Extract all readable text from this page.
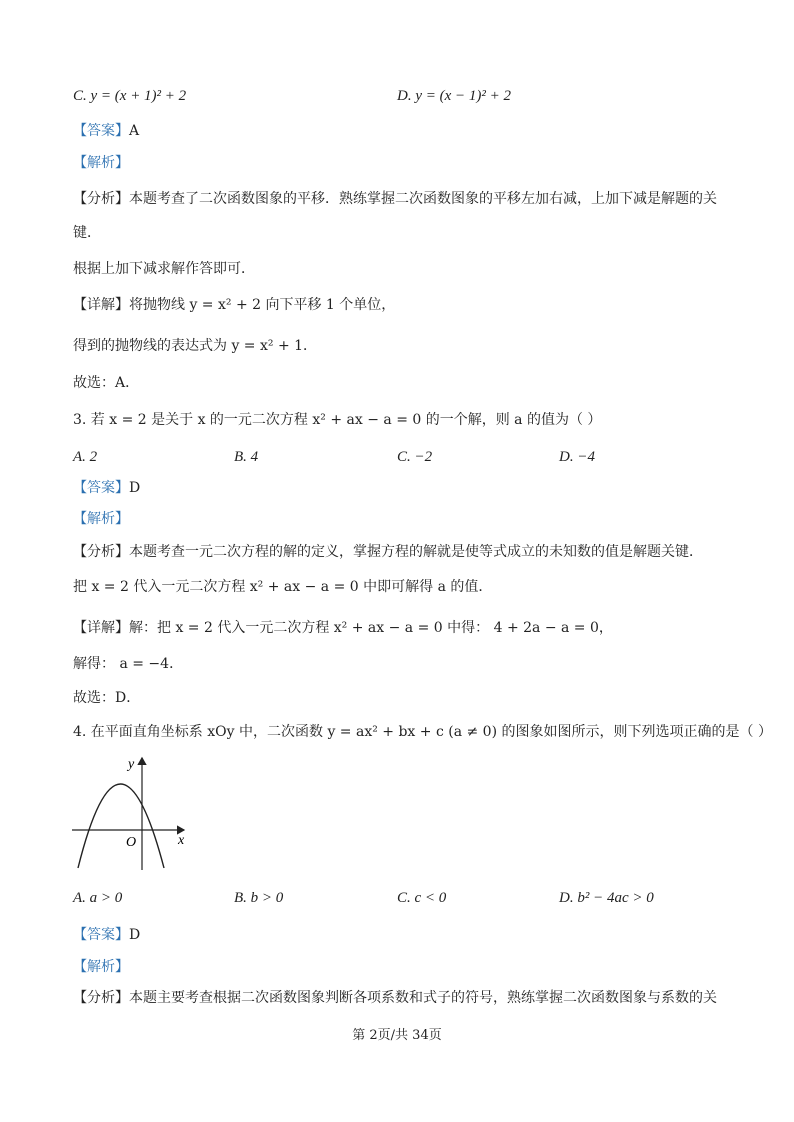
C. y = (x + 1)² + 2	D. y = (x − 1)² + 2
【答案】A
【解析】
【分析】本题考查了二次函数图象的平移．熟练掌握二次函数图象的平移左加右减，上加下减是解题的关
键．
根据上加下减求解作答即可．
【详解】将抛物线 y = x² + 2 向下平移 1 个单位，
得到的抛物线的表达式为 y = x² + 1．
故选：A．
3. 若 x = 2 是关于 x 的一元二次方程 x² + ax − a = 0 的一个解，则 a 的值为（ ）
A. 2	B. 4	C. −2	D. −4
【答案】D
【解析】
【分析】本题考查一元二次方程的解的定义，掌握方程的解就是使等式成立的未知数的值是解题关键．
把 x = 2 代入一元二次方程 x² + ax − a = 0 中即可解得 a 的值．
【详解】解：把 x = 2 代入一元二次方程 x² + ax − a = 0 中得： 4 + 2a − a = 0，
解得： a = −4．
故选：D．
4. 在平面直角坐标系 xOy 中，二次函数 y = ax² + bx + c (a ≠ 0) 的图象如图所示，则下列选项正确的是（ ）
y
x
O
A. a > 0	B. b > 0	C. c < 0	D. b² − 4ac > 0
【答案】D
【解析】
【分析】本题主要考查根据二次函数图象判断各项系数和式子的符号，熟练掌握二次函数图象与系数的关
第 2页/共 34页
